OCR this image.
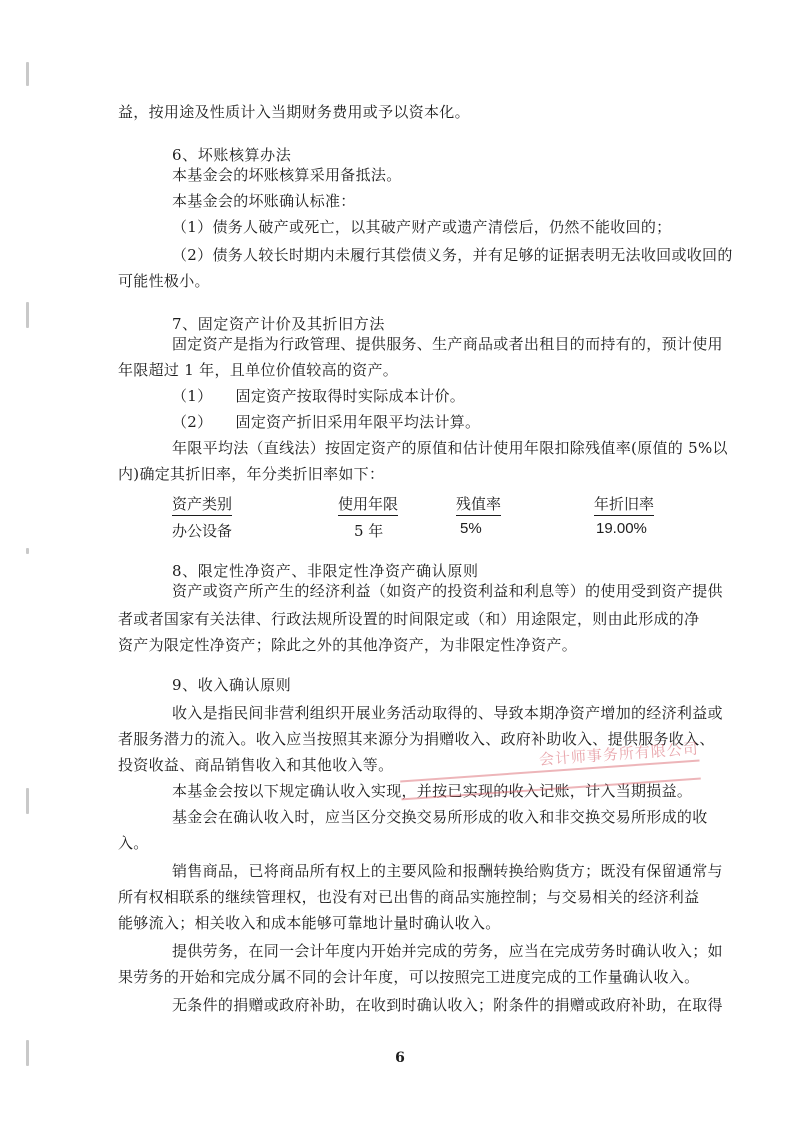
益，按用途及性质计入当期财务费用或予以资本化。
6、坏账核算办法
本基金会的坏账核算采用备抵法。
本基金会的坏账确认标准：
（1）债务人破产或死亡，以其破产财产或遗产清偿后，仍然不能收回的；
（2）债务人较长时期内未履行其偿债义务，并有足够的证据表明无法收回或收回的
可能性极小。
7、固定资产计价及其折旧方法
固定资产是指为行政管理、提供服务、生产商品或者出租目的而持有的，预计使用
年限超过 1 年，且单位价值较高的资产。
（1）　　固定资产按取得时实际成本计价。
（2）　　固定资产折旧采用年限平均法计算。
年限平均法（直线法）按固定资产的原值和估计使用年限扣除残值率(原值的 5%以
内)确定其折旧率，年分类折旧率如下：
资产类别	使用年限	残值率	年折旧率
办公设备	5 年	5%	19.00%
8、限定性净资产、非限定性净资产确认原则
资产或资产所产生的经济利益（如资产的投资利益和利息等）的使用受到资产提供
者或者国家有关法律、行政法规所设置的时间限定或（和）用途限定，则由此形成的净
资产为限定性净资产；除此之外的其他净资产，为非限定性净资产。
9、收入确认原则
收入是指民间非营利组织开展业务活动取得的、导致本期净资产增加的经济利益或
者服务潜力的流入。收入应当按照其来源分为捐赠收入、政府补助收入、提供服务收入、
投资收益、商品销售收入和其他收入等。
本基金会按以下规定确认收入实现，并按已实现的收入记账，计入当期损益。
基金会在确认收入时，应当区分交换交易所形成的收入和非交换交易所形成的收
入。
销售商品，已将商品所有权上的主要风险和报酬转换给购货方；既没有保留通常与
所有权相联系的继续管理权，也没有对已出售的商品实施控制；与交易相关的经济利益
能够流入；相关收入和成本能够可靠地计量时确认收入。
提供劳务，在同一会计年度内开始并完成的劳务，应当在完成劳务时确认收入；如
果劳务的开始和完成分属不同的会计年度，可以按照完工进度完成的工作量确认收入。
无条件的捐赠或政府补助，在收到时确认收入；附条件的捐赠或政府补助，在取得
会计师事务所有限公司
6
